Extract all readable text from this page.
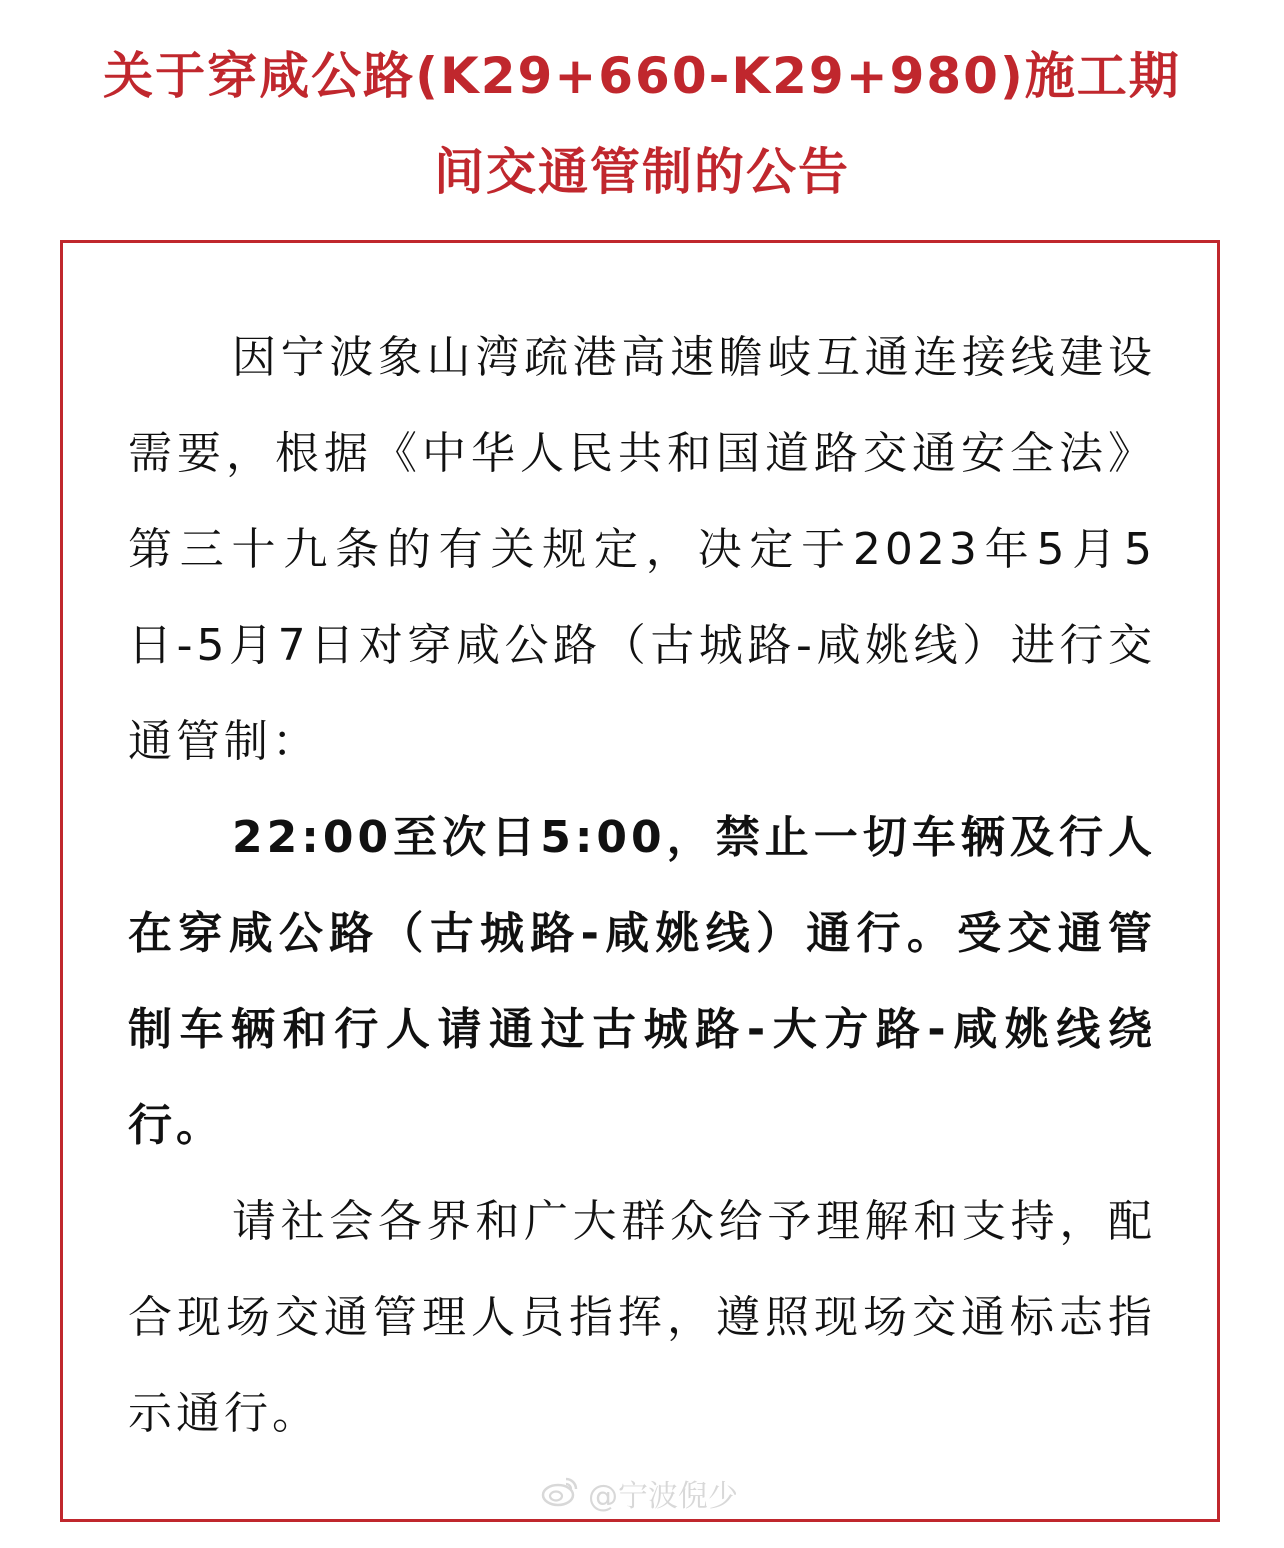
关于穿咸公路(K29+660-K29+980)施工期
间交通管制的公告

因宁波象山湾疏港高速瞻岐互通连接线建设需要，根据《中华人民共和国道路交通安全法》第三十九条的有关规定，决定于2023年5月5日-5月7日对穿咸公路（古城路-咸姚线）进行交通管制：

22:00至次日5:00，禁止一切车辆及行人在穿咸公路（古城路-咸姚线）通行。受交通管制车辆和行人请通过古城路-大方路-咸姚线绕行。

请社会各界和广大群众给予理解和支持，配合现场交通管理人员指挥，遵照现场交通标志指示通行。

@宁波倪少
